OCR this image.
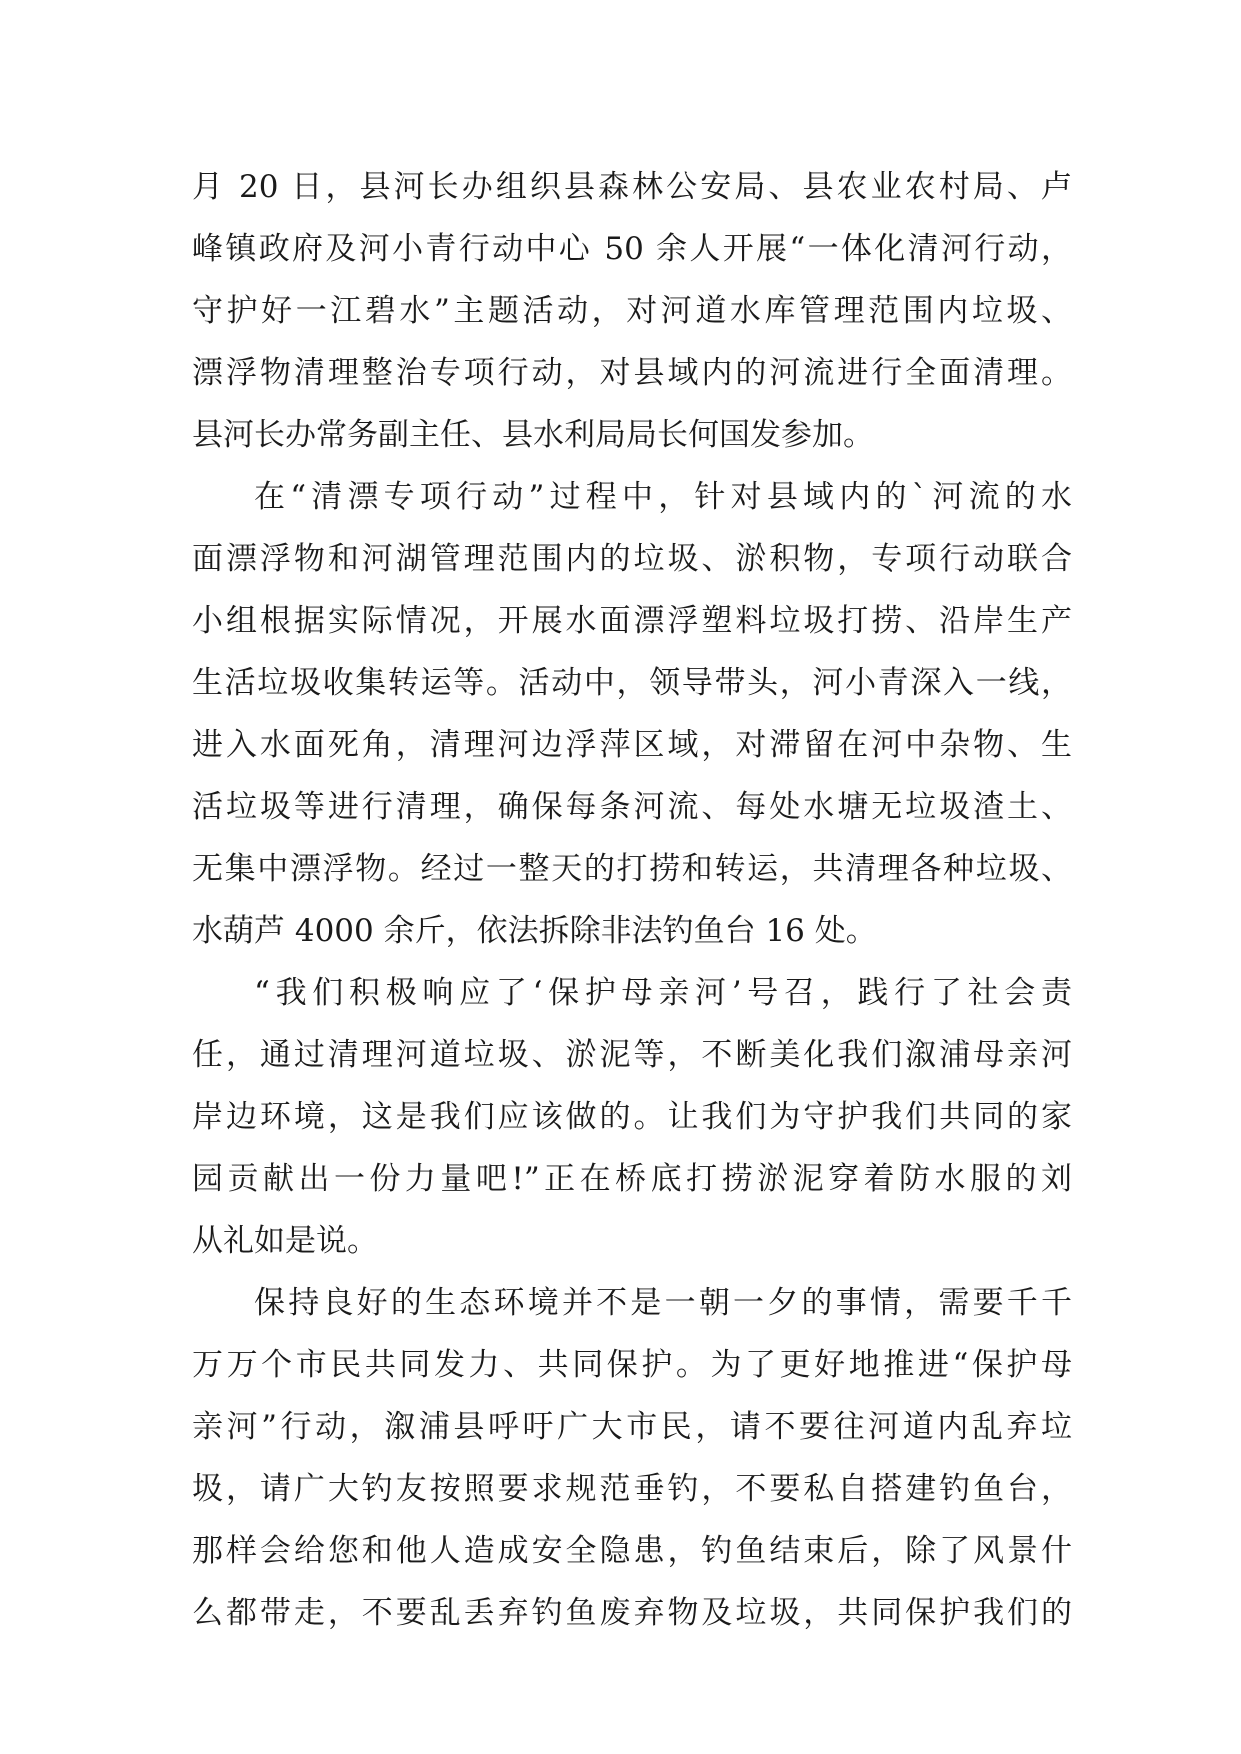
月 20 日，县河长办组织县森林公安局、县农业农村局、卢
峰镇政府及河小青行动中心 50 余人开展“一体化清河行动，
守护好一江碧水”主题活动，对河道水库管理范围内垃圾、
漂浮物清理整治专项行动，对县域内的河流进行全面清理。
县河长办常务副主任、县水利局局长何国发参加。
在“清漂专项行动”过程中，针对县域内的`河流的水
面漂浮物和河湖管理范围内的垃圾、淤积物，专项行动联合
小组根据实际情况，开展水面漂浮塑料垃圾打捞、沿岸生产
生活垃圾收集转运等。活动中，领导带头，河小青深入一线，
进入水面死角，清理河边浮萍区域，对滞留在河中杂物、生
活垃圾等进行清理，确保每条河流、每处水塘无垃圾渣土、
无集中漂浮物。经过一整天的打捞和转运，共清理各种垃圾、
水葫芦 4000 余斤，依法拆除非法钓鱼台 16 处。
“我们积极响应了‘保护母亲河’号召，践行了社会责
任，通过清理河道垃圾、淤泥等，不断美化我们溆浦母亲河
岸边环境，这是我们应该做的。让我们为守护我们共同的家
园贡献出一份力量吧!”正在桥底打捞淤泥穿着防水服的刘
从礼如是说。
保持良好的生态环境并不是一朝一夕的事情，需要千千
万万个市民共同发力、共同保护。为了更好地推进“保护母
亲河”行动，溆浦县呼吁广大市民，请不要往河道内乱弃垃
圾，请广大钓友按照要求规范垂钓，不要私自搭建钓鱼台，
那样会给您和他人造成安全隐患，钓鱼结束后，除了风景什
么都带走，不要乱丢弃钓鱼废弃物及垃圾，共同保护我们的
